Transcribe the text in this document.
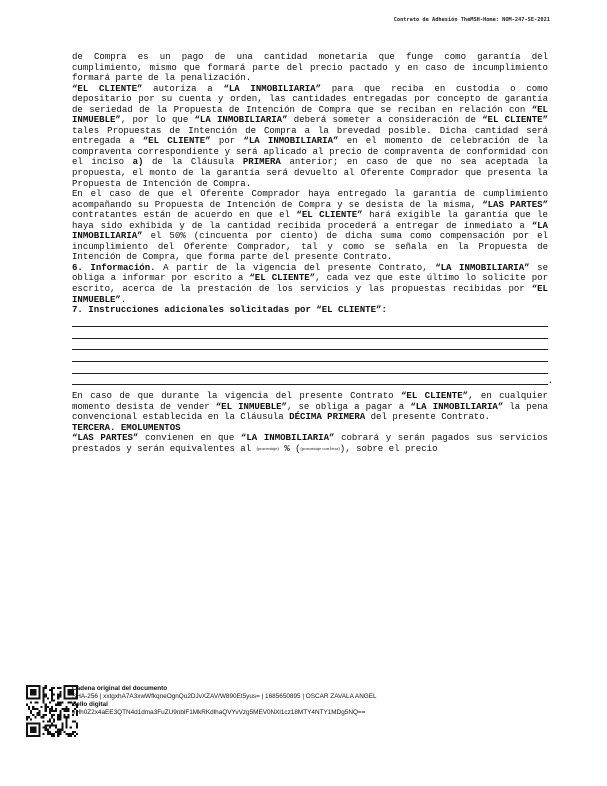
Contrato de Adhesión TheMSH-Home: NOM-247-SE-2021

de Compra es un pago de una cantidad monetaria que funge como garantía del cumplimiento, mismo que formará parte del precio pactado y en caso de incumplimiento formará parte de la penalización.

“EL CLIENTE” autoriza a “LA INMOBILIARIA” para que reciba en custodia o como depositario por su cuenta y orden, las cantidades entregadas por concepto de garantía de seriedad de la Propuesta de Intención de Compra que se reciban en relación con “EL INMUEBLE”, por lo que “LA INMOBILIARIA” deberá someter a consideración de “EL CLIENTE” tales Propuestas de Intención de Compra a la brevedad posible. Dicha cantidad será entregada a “EL CLIENTE” por “LA INMOBILIARIA” en el momento de celebración de la compraventa correspondiente y será aplicado al precio de compraventa de conformidad con el inciso a) de la Cláusula PRIMERA anterior; en caso de que no sea aceptada la propuesta, el monto de la garantía será devuelto al Oferente Comprador que presenta la Propuesta de Intención de Compra.

En el caso de que el Oferente Comprador haya entregado la garantía de cumplimiento acompañando su Propuesta de Intención de Compra y se desista de la misma, “LAS PARTES” contratantes están de acuerdo en que el “EL CLIENTE” hará exigible la garantía que le haya sido exhibida y de la cantidad recibida procederá a entregar de inmediato a “LA INMOBILIARIA” el 50% (cincuenta por ciento) de dicha suma como compensación por el incumplimiento del Oferente Comprador, tal y como se señala en la Propuesta de Intención de Compra, que forma parte del presente Contrato.

6. Información. A partir de la vigencia del presente Contrato, “LA INMOBILIARIA” se obliga a informar por escrito a “EL CLIENTE”, cada vez que este último lo solicite por escrito, acerca de la prestación de los servicios y las propuestas recibidas por “EL INMUEBLE”.

7. Instrucciones adicionales solicitadas por “EL CLIENTE”:

.

En caso de que durante la vigencia del presente Contrato “EL CLIENTE”, en cualquier momento desista de vender “EL INMUEBLE”, se obliga a pagar a “LA INMOBILIARIA” la pena convencional establecida en la Cláusula DÉCIMA PRIMERA del presente Contrato.

TERCERA. EMOLUMENTOS

“LAS PARTES” convienen en que “LA INMOBILIARIA” cobrará y serán pagados sus servicios prestados y serán equivalentes al (porcentaje) % ((porcentaje con letra)), sobre el precio

Cadena original del documento
SHA-256 | xxtgxhA7A3xwWfkqneOgnQu2DJvXZAV/W890Et5yus= | 1685650895 | OSCAR ZAVALA ANGEL
Sello digital
eHh0Z2x4aEE3QTN4d1dma3FuZU9nblF1MkRKdlhaQVYvVzg5MEV0NXl1cz18MTY4NTY1MDg5NQ==
